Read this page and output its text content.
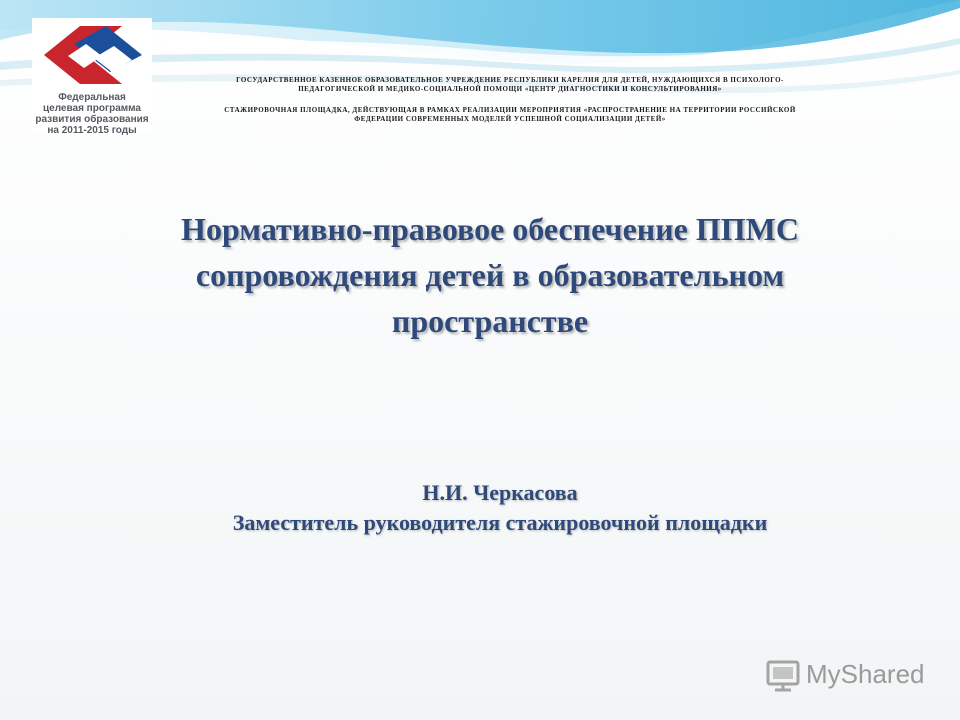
Федеральная
целевая программа
развития образования
на 2011-2015 годы
ГОСУДАРСТВЕННОЕ КАЗЕННОЕ ОБРАЗОВАТЕЛЬНОЕ УЧРЕЖДЕНИЕ РЕСПУБЛИКИ КАРЕЛИЯ ДЛЯ ДЕТЕЙ, НУЖДАЮЩИХСЯ В ПСИХОЛОГО-
ПЕДАГОГИЧЕСКОЙ И МЕДИКО-СОЦИАЛЬНОЙ ПОМОЩИ «ЦЕНТР ДИАГНОСТИКИ И КОНСУЛЬТИРОВАНИЯ»
СТАЖИРОВОЧНАЯ ПЛОЩАДКА, ДЕЙСТВУЮЩАЯ В РАМКАХ РЕАЛИЗАЦИИ МЕРОПРИЯТИЯ «РАСПРОСТРАНЕНИЕ НА ТЕРРИТОРИИ РОССИЙСКОЙ
ФЕДЕРАЦИИ СОВРЕМЕННЫХ МОДЕЛЕЙ УСПЕШНОЙ СОЦИАЛИЗАЦИИ ДЕТЕЙ»
Нормативно-правовое обеспечение ППМС
сопровождения детей в образовательном
пространстве
Н.И. Черкасова
Заместитель руководителя стажировочной площадки
MyShared
